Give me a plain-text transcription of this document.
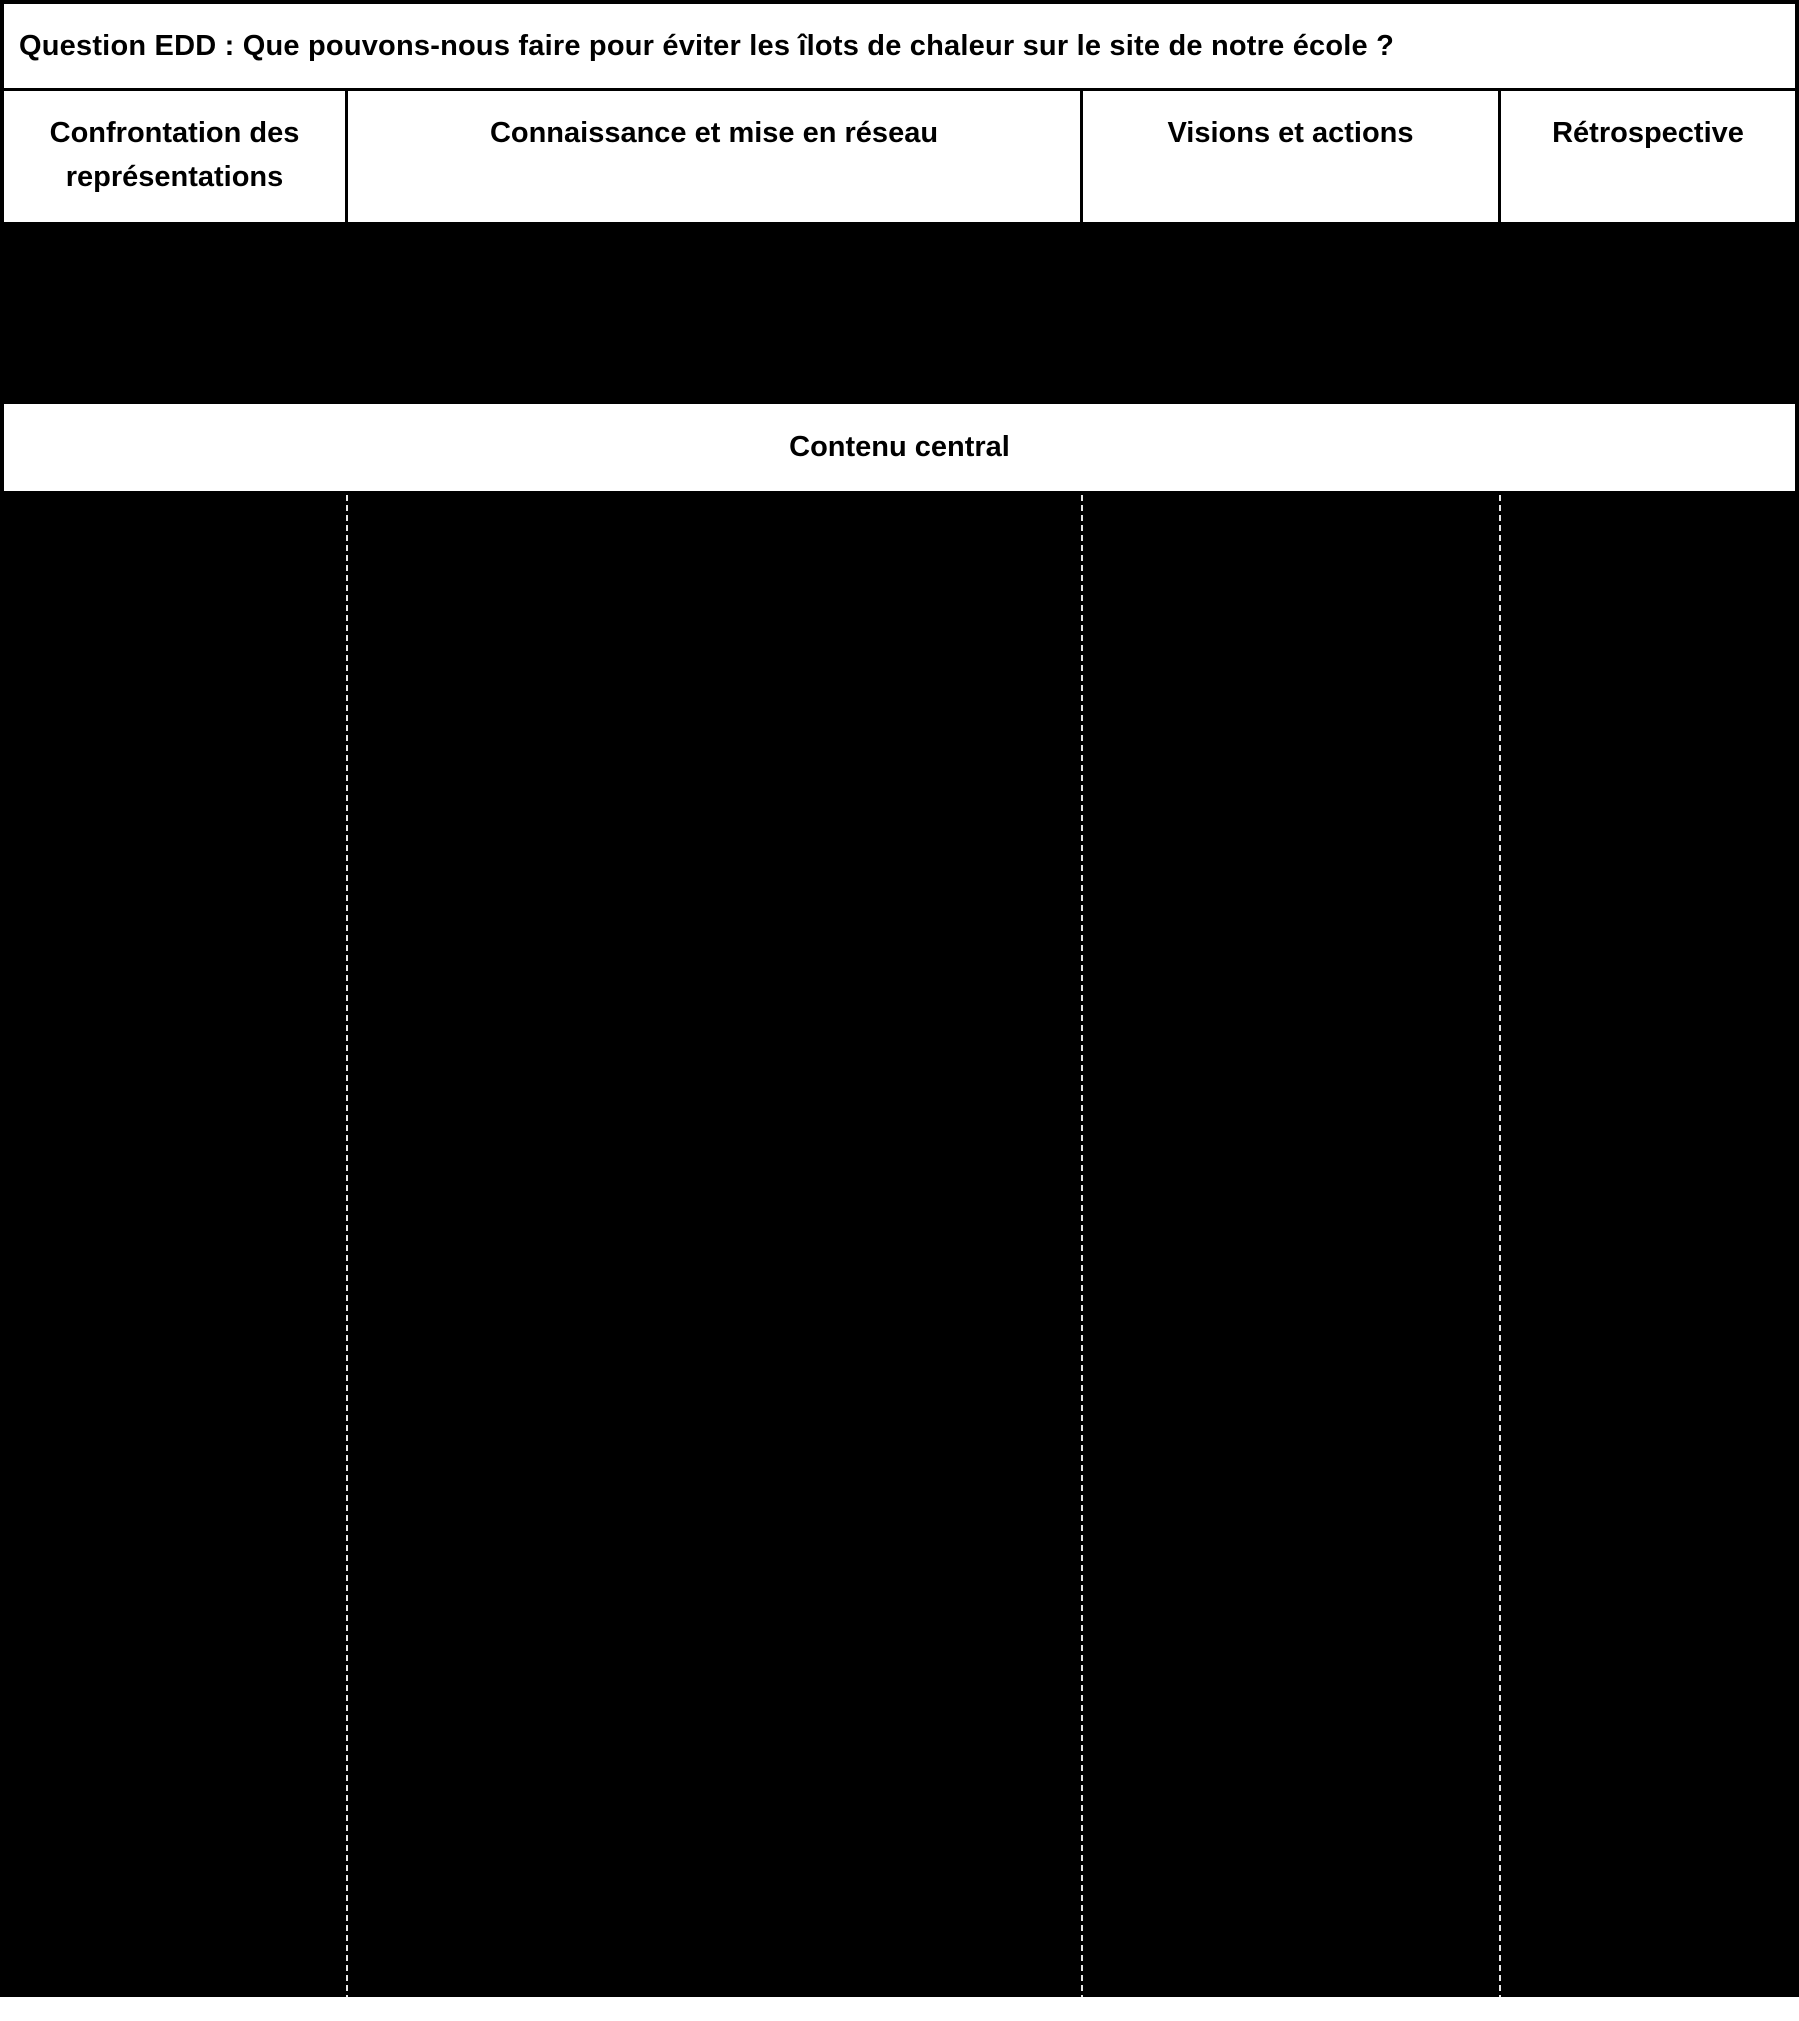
Question EDD : Que pouvons-nous faire pour éviter les îlots de chaleur sur le site de notre école ?
Confrontation des représentations
Connaissance et mise en réseau	Visions et actions	Rétrospective
Contenu central
